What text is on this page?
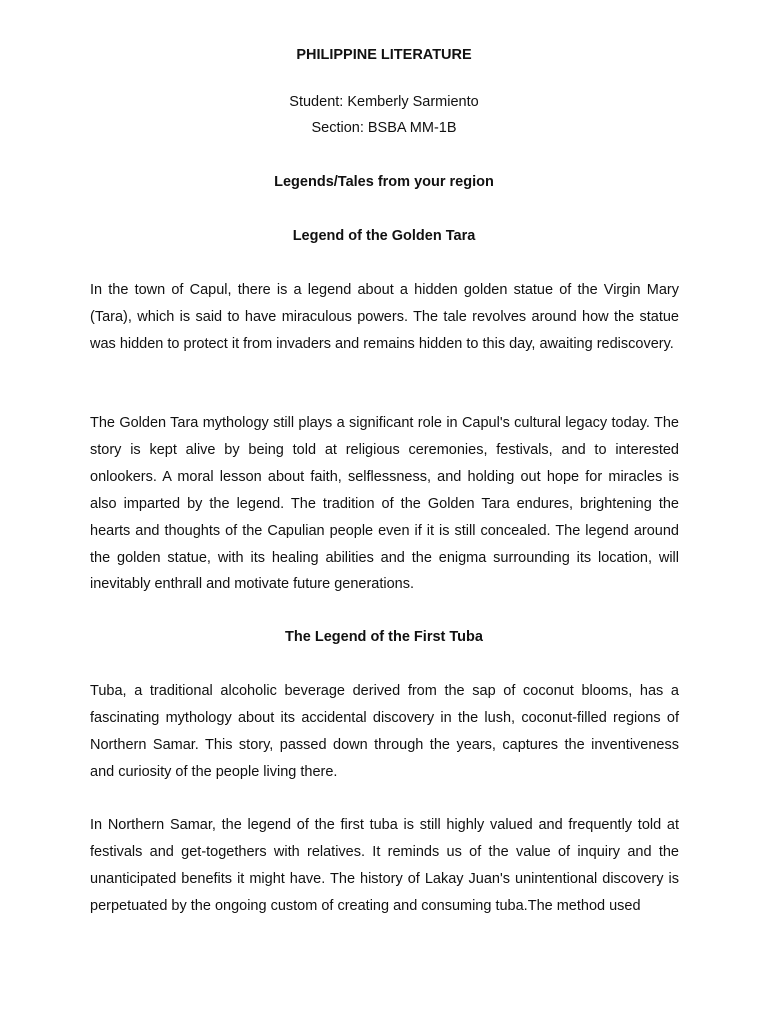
PHILIPPINE LITERATURE
Student: Kemberly Sarmiento
Section: BSBA MM-1B
Legends/Tales from your region
Legend of the Golden Tara
In the town of Capul, there is a legend about a hidden golden statue of the Virgin Mary (Tara), which is said to have miraculous powers. The tale revolves around how the statue was hidden to protect it from invaders and remains hidden to this day, awaiting rediscovery.
The Golden Tara mythology still plays a significant role in Capul's cultural legacy today. The story is kept alive by being told at religious ceremonies, festivals, and to interested onlookers. A moral lesson about faith, selflessness, and holding out hope for miracles is also imparted by the legend. The tradition of the Golden Tara endures, brightening the hearts and thoughts of the Capulian people even if it is still concealed. The legend around the golden statue, with its healing abilities and the enigma surrounding its location, will inevitably enthrall and motivate future generations.
The Legend of the First Tuba
Tuba, a traditional alcoholic beverage derived from the sap of coconut blooms, has a fascinating mythology about its accidental discovery in the lush, coconut-filled regions of Northern Samar. This story, passed down through the years, captures the inventiveness and curiosity of the people living there.
In Northern Samar, the legend of the first tuba is still highly valued and frequently told at festivals and get-togethers with relatives. It reminds us of the value of inquiry and the unanticipated benefits it might have. The history of Lakay Juan's unintentional discovery is perpetuated by the ongoing custom of creating and consuming tuba.The method used
